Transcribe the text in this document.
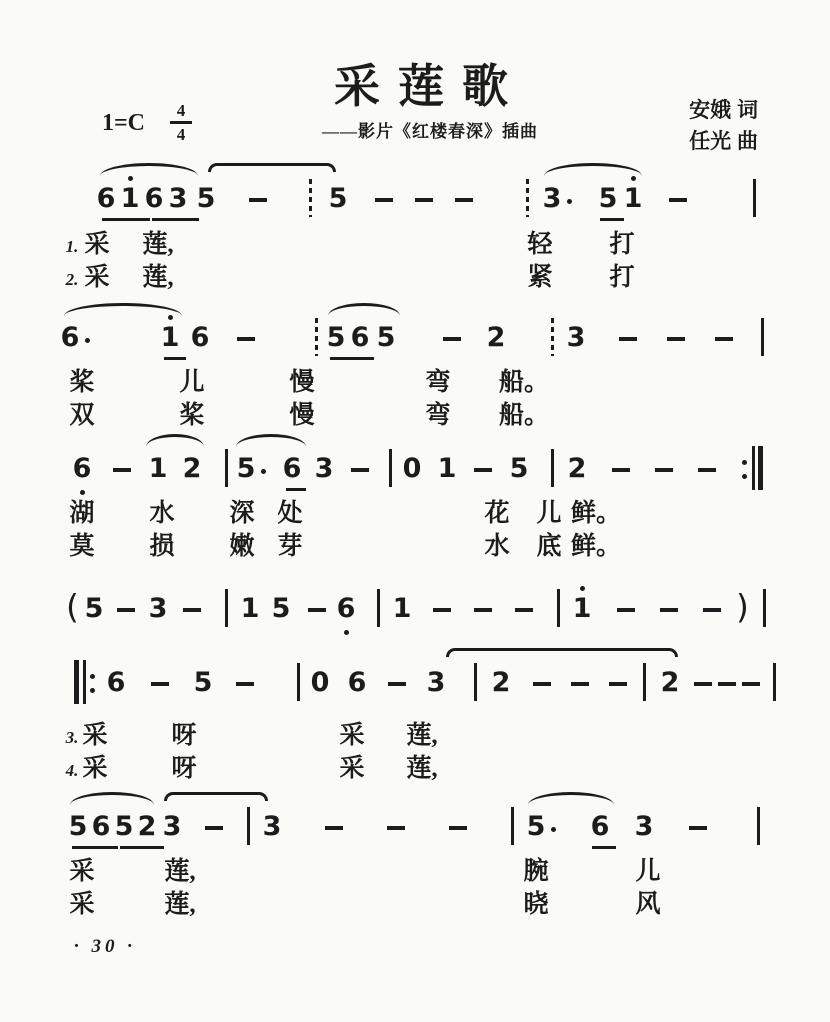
1=C	4
4
采莲歌
——影片《红楼春深》插曲
安娥 词
任光 曲
· 30 ·
6 1 6 3 5	5	3 5 1
1. 采 莲,	轻 打
2. 采 莲,	紧 打
6	1 6	5 6 5	2 3
桨	儿	慢	弯 船。
双	桨	慢	弯 船。
6 1 2 5 6 3	0 1 5 2
湖 水 深 处	花 儿 鲜。
莫 损 嫩 芽	水 底 鲜。
( 5 3	1 5 6 1	1	)
6	5	0 6 3 2	2
3. 采	呀	采 莲,
4. 采	呀	采 莲,
5 6 5 2 3	3	5 6 3
采	莲,	腕	儿
采	莲,	晓	风
